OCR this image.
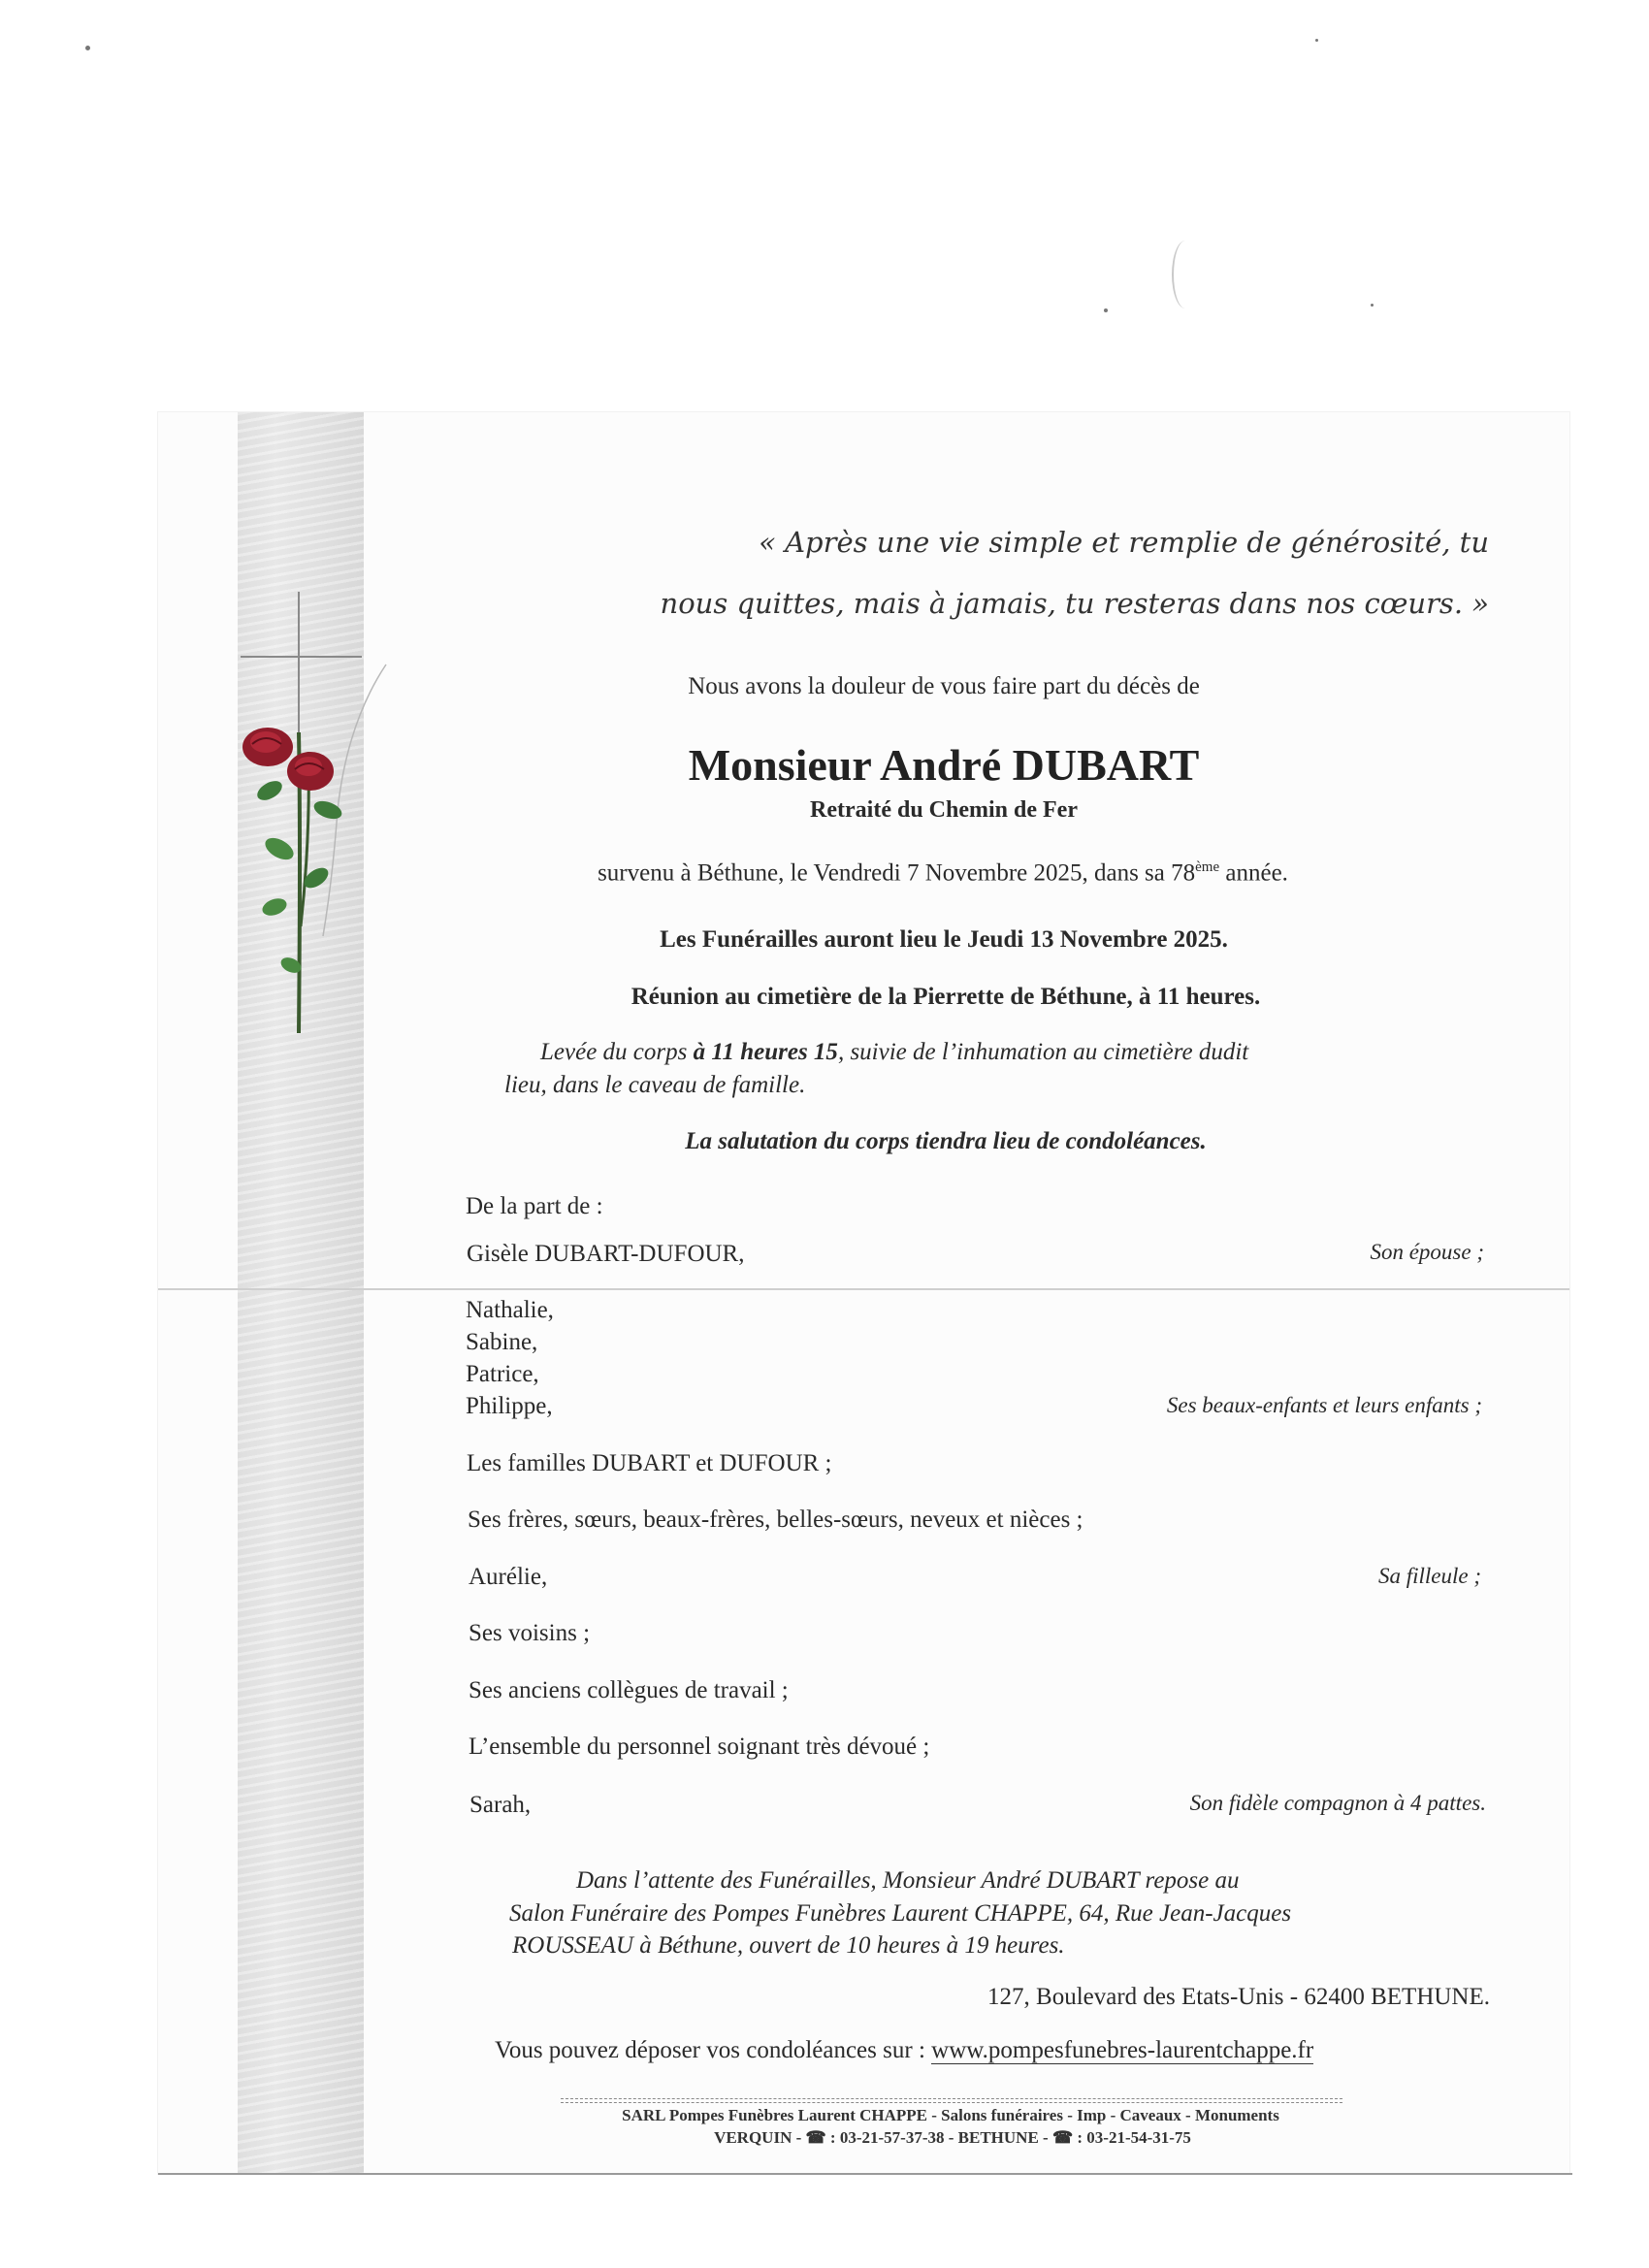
« Après une vie simple et remplie de générosité, tu
nous quittes, mais à jamais, tu resteras dans nos cœurs. »
Nous avons la douleur de vous faire part du décès de
Monsieur André DUBART
Retraité du Chemin de Fer
survenu à Béthune, le Vendredi 7 Novembre 2025, dans sa 78ème année.
Les Funérailles auront lieu le Jeudi 13 Novembre 2025.
Réunion au cimetière de la Pierrette de Béthune, à 11 heures.
Levée du corps à 11 heures 15, suivie de l’inhumation au cimetière dudit
lieu, dans le caveau de famille.
La salutation du corps tiendra lieu de condoléances.
De la part de :
Gisèle DUBART-DUFOUR,	Son épouse ;
Nathalie,
Sabine,
Patrice,
Philippe,	Ses beaux-enfants et leurs enfants ;
Les familles DUBART et DUFOUR ;
Ses frères, sœurs, beaux-frères, belles-sœurs, neveux et nièces ;
Aurélie,	Sa filleule ;
Ses voisins ;
Ses anciens collègues de travail ;
L’ensemble du personnel soignant très dévoué ;
Sarah,	Son fidèle compagnon à 4 pattes.
Dans l’attente des Funérailles, Monsieur André DUBART repose au
Salon Funéraire des Pompes Funèbres Laurent CHAPPE, 64, Rue Jean-Jacques
ROUSSEAU à Béthune, ouvert de 10 heures à 19 heures.
127, Boulevard des Etats-Unis - 62400 BETHUNE.
Vous pouvez déposer vos condoléances sur : www.pompesfunebres-laurentchappe.fr
SARL Pompes Funèbres Laurent CHAPPE - Salons funéraires - Imp - Caveaux - Monuments
VERQUIN - ☎ : 03-21-57-37-38 - BETHUNE - ☎ : 03-21-54-31-75
